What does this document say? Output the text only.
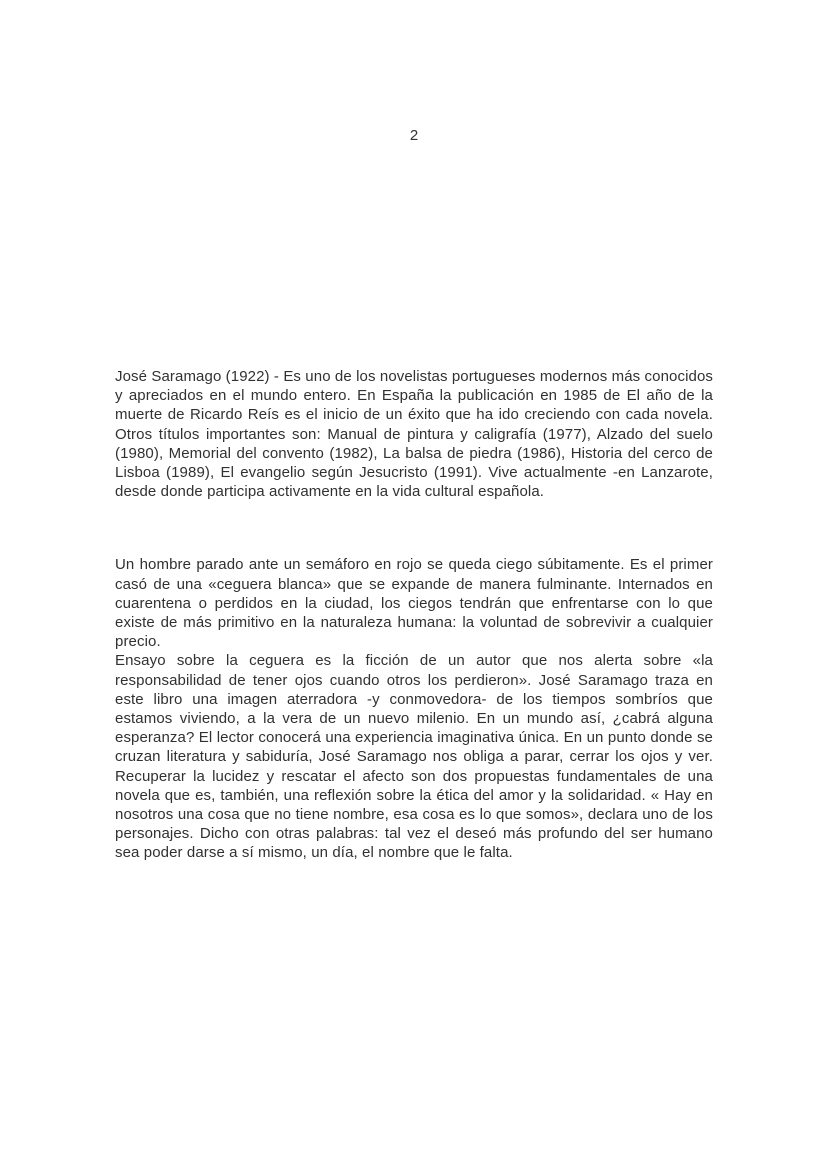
2

José Saramago (1922) - Es uno de los novelistas portugueses modernos más conocidos y apreciados en el mundo entero. En España la publicación en 1985 de El año de la muerte de Ricardo Reís es el inicio de un éxito que ha ido creciendo con cada novela. Otros títulos importantes son: Manual de pintura y caligrafía (1977), Alzado del suelo (1980), Memorial del convento (1982), La balsa de piedra (1986), Historia del cerco de Lisboa (1989), El evangelio según Jesucristo (1991). Vive actualmente -en Lanzarote, desde donde participa activamente en la vida cultural española.

Un hombre parado ante un semáforo en rojo se queda ciego súbitamente. Es el primer casó de una «ceguera blanca» que se expande de manera fulminante. Internados en cuarentena o perdidos en la ciudad, los ciegos tendrán que enfrentarse con lo que existe de más primitivo en la naturaleza humana: la voluntad de sobrevivir a cualquier precio.

Ensayo sobre la ceguera es la ficción de un autor que nos alerta sobre «la responsabilidad de tener ojos cuando otros los perdieron». José Saramago traza en este libro una imagen aterradora -y conmovedora- de los tiempos sombríos que estamos viviendo, a la vera de un nuevo milenio. En un mundo así, ¿cabrá alguna esperanza? El lector conocerá una experiencia imaginativa única. En un punto donde se cruzan literatura y sabiduría, José Saramago nos obliga a parar, cerrar los ojos y ver. Recuperar la lucidez y rescatar el afecto son dos propuestas fundamentales de una novela que es, también, una reflexión sobre la ética del amor y la solidaridad. « Hay en nosotros una cosa que no tiene nombre, esa cosa es lo que somos», declara uno de los personajes. Dicho con otras palabras: tal vez el deseó más profundo del ser humano sea poder darse a sí mismo, un día, el nombre que le falta.
